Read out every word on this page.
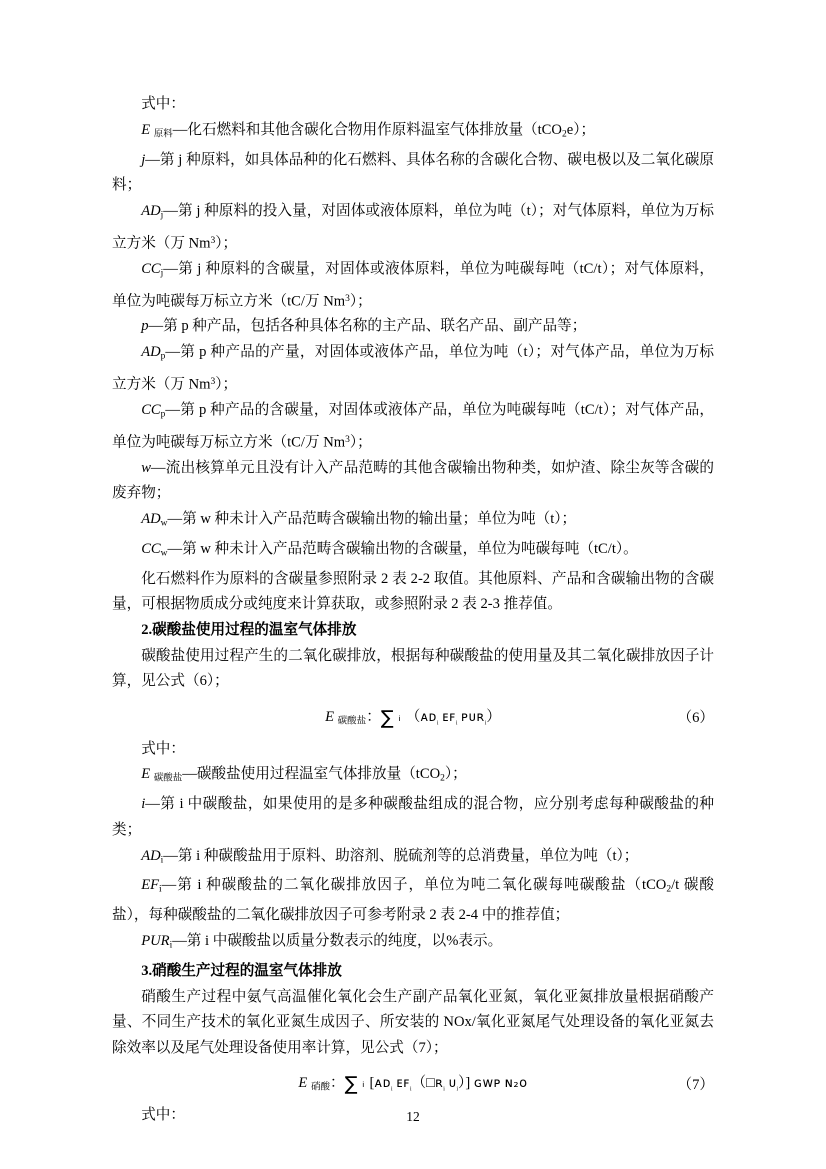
式中：

E $_{原料}$—化石燃料和其他含碳化合物用作原料温室气体排放量（tCO$_2$e）；

j—第 j 种原料，如具体品种的化石燃料、具体名称的含碳化合物、碳电极以及二氧化碳原料；

$AD_j—$第 j 种原料的投入量，对固体或液体原料，单位为吨（t）；对气体原料，单位为万标立方米（万 Nm$^3$）；

$CC_j—$第 j 种原料的含碳量，对固体或液体原料，单位为吨碳每吨（tC/t）；对气体原料，单位为吨碳每万标立方米（tC/万 Nm$^3$）；

p—第 p 种产品，包括各种具体名称的主产品、联名产品、副产品等；

$AD_p—$第 p 种产品的产量，对固体或液体产品，单位为吨（t）；对气体产品，单位为万标立方米（万 Nm$^3$）；

$CC_p—$第 p 种产品的含碳量，对固体或液体产品，单位为吨碳每吨（tC/t）；对气体产品，单位为吨碳每万标立方米（tC/万 Nm$^3$）；

w—流出核算单元且没有计入产品范畴的其他含碳输出物种类，如炉渣、除尘灰等含碳的废弃物；

$AD_w—$第 w 种未计入产品范畴含碳输出物的输出量；单位为吨（t）；

$CC_w—$第 w 种未计入产品范畴含碳输出物的含碳量，单位为吨碳每吨（tC/t）。

化石燃料作为原料的含碳量参照附录 2 表 2-2 取值。其他原料、产品和含碳输出物的含碳量，可根据物质成分或纯度来计算获取，或参照附录 2 表 2-3 推荐值。

2.碳酸盐使用过程的温室气体排放

碳酸盐使用过程产生的二氧化碳排放，根据每种碳酸盐的使用量及其二氧化碳排放因子计算，见公式（6）；

E $_{碳酸盐}$：∑ ᵢ （ᴀᴅ$_ᵢ$ ᴇꜰ$_ᵢ$ ᴘᴜʀ$_ᵢ$）	（6）

式中：

E $_{碳酸盐}$—碳酸盐使用过程温室气体排放量（tCO$_2$）；

i—第 i 中碳酸盐，如果使用的是多种碳酸盐组成的混合物，应分别考虑每种碳酸盐的种类；

$AD_i—$第 i 种碳酸盐用于原料、助溶剂、脱硫剂等的总消费量，单位为吨（t）；

$EF_i—$第 i 种碳酸盐的二氧化碳排放因子，单位为吨二氧化碳每吨碳酸盐（tCO$_2$/t 碳酸盐），每种碳酸盐的二氧化碳排放因子可参考附录 2 表 2-4 中的推荐值；

$PUR_i—$第 i 中碳酸盐以质量分数表示的纯度，以%表示。

3.硝酸生产过程的温室气体排放

硝酸生产过程中氨气高温催化氧化会生产副产品氧化亚氮，氧化亚氮排放量根据硝酸产量、不同生产技术的氧化亚氮生成因子、所安装的 NOx/氧化亚氮尾气处理设备的氧化亚氮去除效率以及尾气处理设备使用率计算，见公式（7）；

E $_{硝酸}$：∑ ᵢ [ᴀᴅ$_ᵢ$ ᴇꜰ$_ᵢ$（□ʀ$_ᵢ$ ᴜ$_ᵢ$）] ɢᴡᴘ ɴ₂ᴏ	（7）

式中：	12
